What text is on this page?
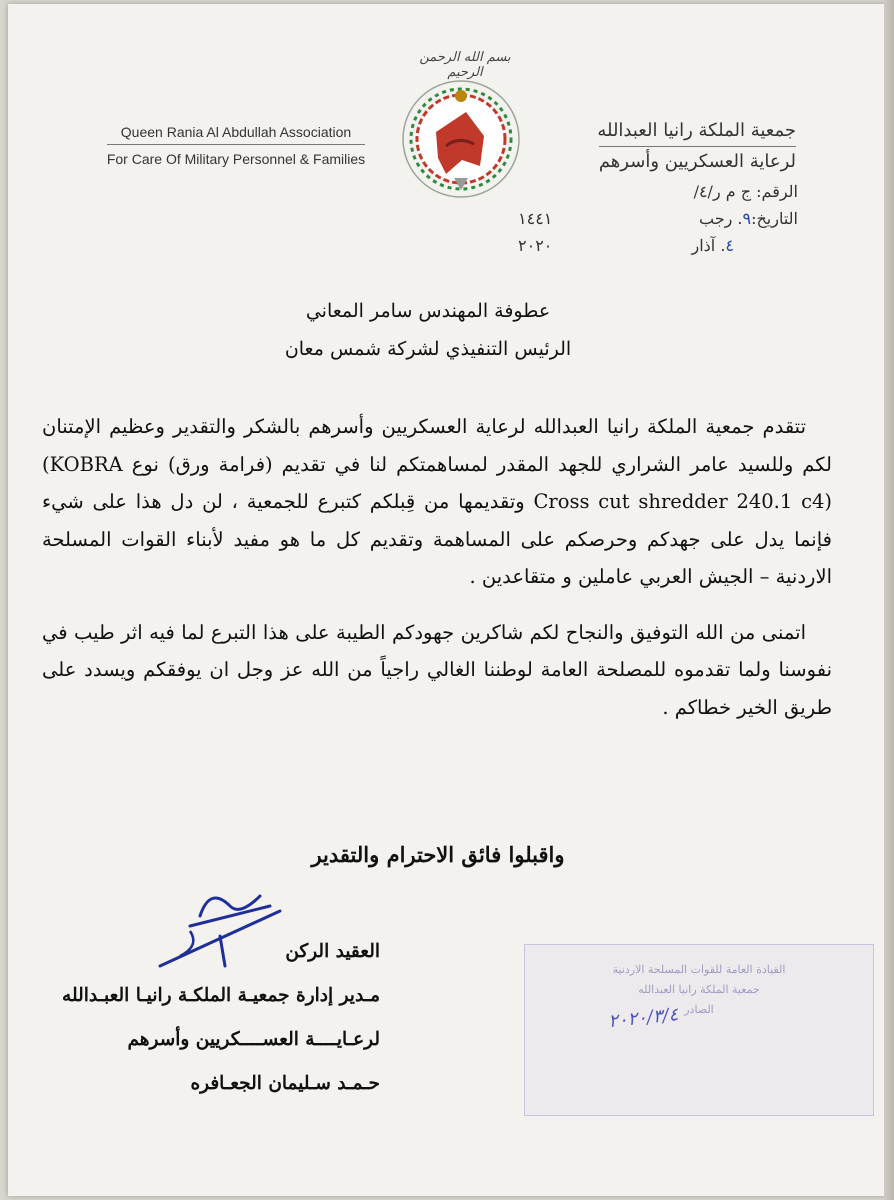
بسم الله الرحمن الرحيم
Queen Rania Al Abdullah Association
For Care Of Military Personnel & Families
جمعية الملكة رانيا العبدالله
لرعاية العسكريين وأسرهم
الرقم: ج م ر/٤/
التاريخ:٩. رجب
١٤٤١
٤. آذار
٢٠٢٠
عطوفة المهندس سامر المعاني
الرئيس التنفيذي لشركة شمس معان

تتقدم جمعية الملكة رانيا العبدالله لرعاية العسكريين وأسرهم بالشكر والتقدير وعظيم الإمتنان لكم وللسيد عامر الشراري للجهد المقدر لمساهمتكم لنا في تقديم (فرامة ورق) نوع (KOBRA Cross cut shredder 240.1 c4) وتقديمها من قِبلكم كتبرع للجمعية ، لن دل هذا على شيء فإنما يدل على جهدكم وحرصكم على المساهمة وتقديم كل ما هو مفيد لأبناء القوات المسلحة الاردنية – الجيش العربي عاملين و متقاعدين .

اتمنى من الله التوفيق والنجاح لكم شاكرين جهودكم الطيبة على هذا التبرع لما فيه اثر طيب في نفوسنا ولما تقدموه للمصلحة العامة لوطننا الغالي راجياً من الله عز وجل ان يوفقكم ويسدد على طريق الخير خطاكم .

واقبلوا فائق الاحترام والتقدير
العقيد الركن
مـدير إدارة جمعيـة الملكـة رانيـا العبـدالله
لرعـايــــة العســــكريين وأسرهم
حـمـد سـليمان الجعـافره
القيادة العامة للقوات المسلحة الاردنية
جمعية الملكة رانيا العبدالله
الصادر
٢٠٢٠/٣/٤
